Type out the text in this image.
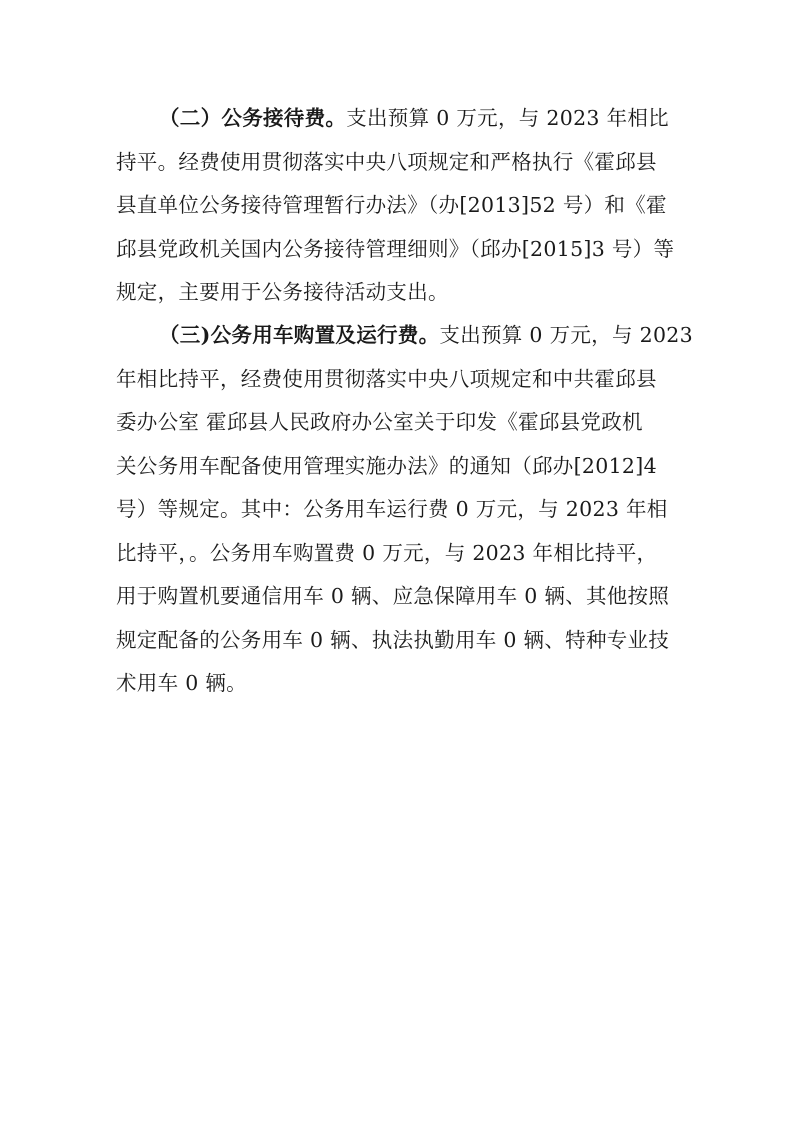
（二）公务接待费。支出预算 0 万元，与 2023 年相比
持平。经费使用贯彻落实中央八项规定和严格执行《霍邱县
县直单位公务接待管理暂行办法》（办[2013]52 号）和《霍
邱县党政机关国内公务接待管理细则》（邱办[2015]3 号）等
规定，主要用于公务接待活动支出。
（三)公务用车购置及运行费。支出预算 0 万元，与 2023
年相比持平，经费使用贯彻落实中央八项规定和中共霍邱县
委办公室 霍邱县人民政府办公室关于印发《霍邱县党政机
关公务用车配备使用管理实施办法》的通知（邱办[2012]4
号）等规定。其中：公务用车运行费 0 万元，与 2023 年相
比持平，。公务用车购置费 0 万元，与 2023 年相比持平，
用于购置机要通信用车 0 辆、应急保障用车 0 辆、其他按照
规定配备的公务用车 0 辆、执法执勤用车 0 辆、特种专业技
术用车 0 辆。
